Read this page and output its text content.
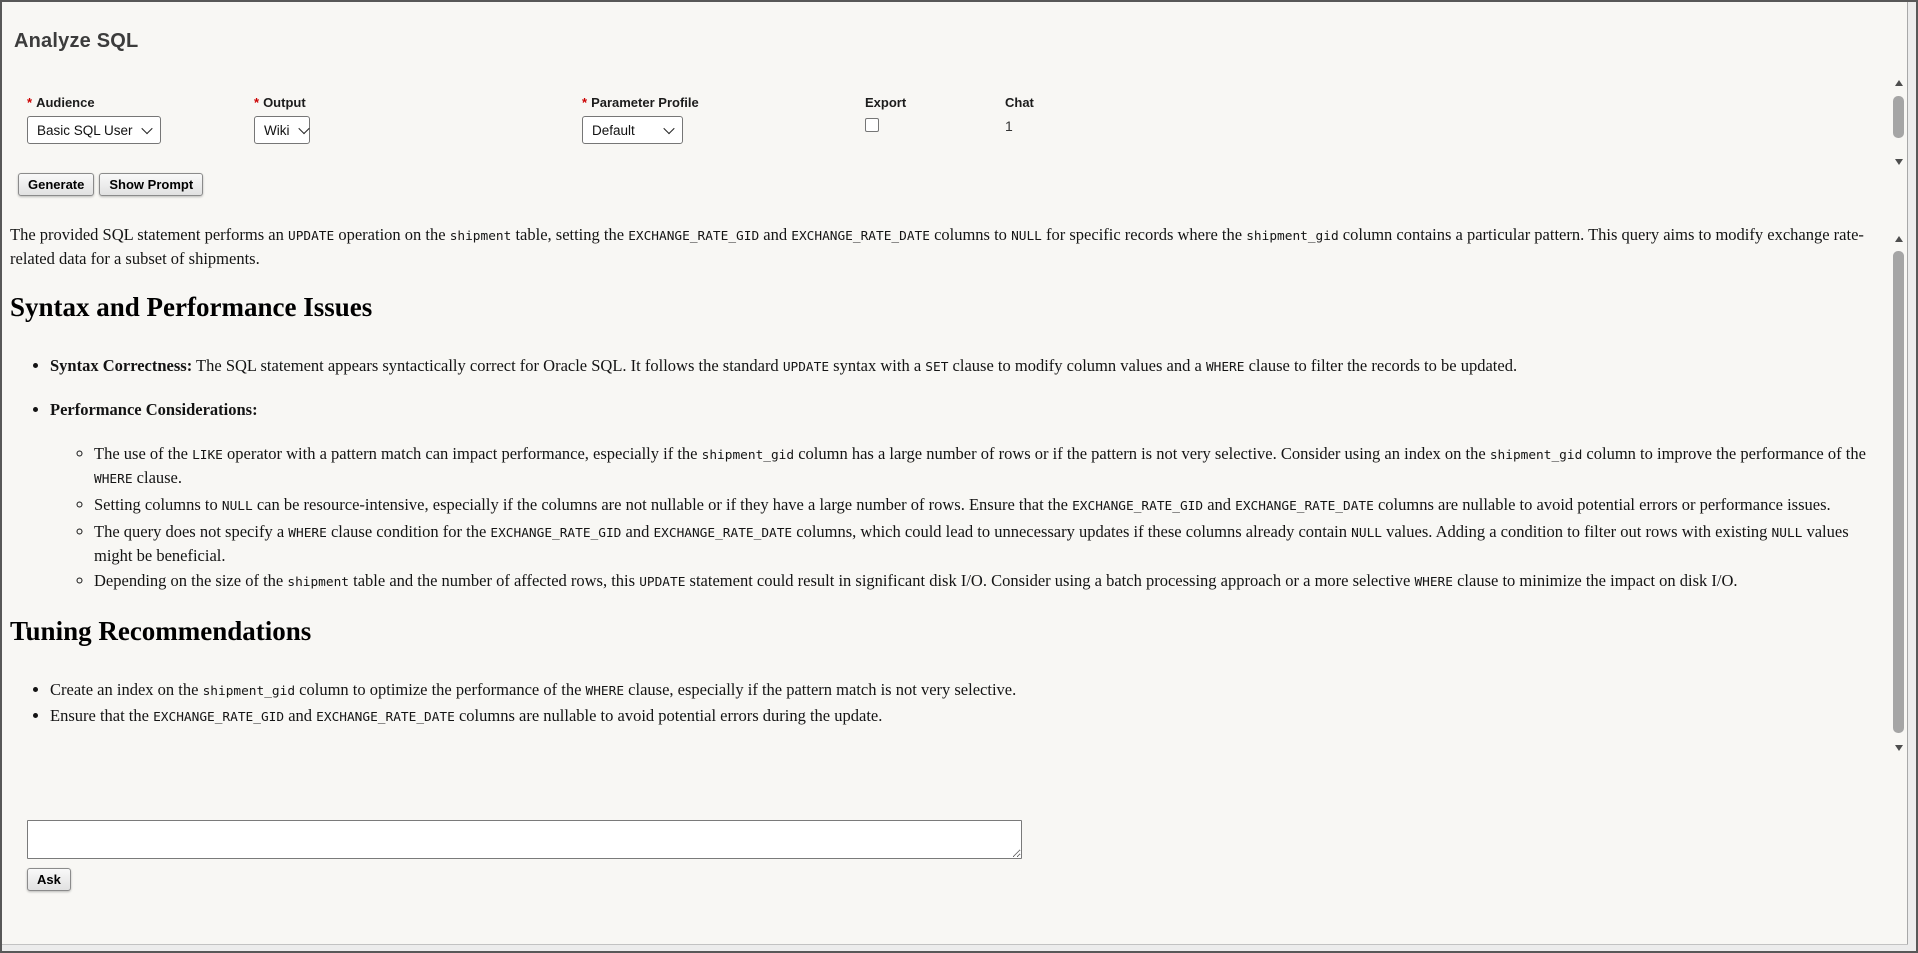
Analyze SQL
* Audience
Basic SQL User
* Output
Wiki
* Parameter Profile
Default
Export	Chat
1
Generate	Show Prompt

The provided SQL statement performs an UPDATE operation on the shipment table, setting the EXCHANGE_RATE_GID and EXCHANGE_RATE_DATE columns to NULL for specific records where the shipment_gid column contains a particular pattern. This query aims to modify exchange rate-related data for a subset of shipments.

Syntax and Performance Issues
• Syntax Correctness: The SQL statement appears syntactically correct for Oracle SQL. It follows the standard UPDATE syntax with a SET clause to modify column values and a WHERE clause to filter the records to be updated.
• Performance Considerations:
◦ The use of the LIKE operator with a pattern match can impact performance, especially if the shipment_gid column has a large number of rows or if the pattern is not very selective. Consider using an index on the shipment_gid column to improve the performance of the WHERE clause.
◦ Setting columns to NULL can be resource-intensive, especially if the columns are not nullable or if they have a large number of rows. Ensure that the EXCHANGE_RATE_GID and EXCHANGE_RATE_DATE columns are nullable to avoid potential errors or performance issues.
◦ The query does not specify a WHERE clause condition for the EXCHANGE_RATE_GID and EXCHANGE_RATE_DATE columns, which could lead to unnecessary updates if these columns already contain NULL values. Adding a condition to filter out rows with existing NULL values might be beneficial.
◦ Depending on the size of the shipment table and the number of affected rows, this UPDATE statement could result in significant disk I/O. Consider using a batch processing approach or a more selective WHERE clause to minimize the impact on disk I/O.
Tuning Recommendations
• Create an index on the shipment_gid column to optimize the performance of the WHERE clause, especially if the pattern match is not very selective.
• Ensure that the EXCHANGE_RATE_GID and EXCHANGE_RATE_DATE columns are nullable to avoid potential errors during the update.
Ask
